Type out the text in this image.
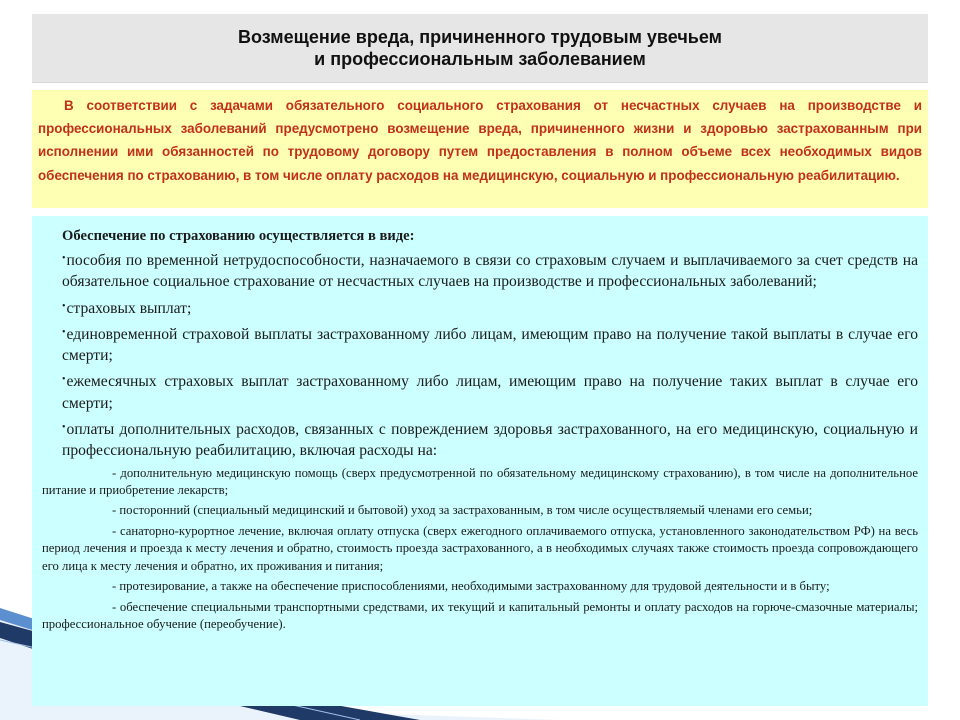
Возмещение вреда, причиненного трудовым увечьем
и профессиональным заболеванием
В соответствии с задачами обязательного социального страхования от несчастных случаев на производстве и профессиональных заболеваний предусмотрено возмещение вреда, причиненного жизни и здоровью застрахованным при исполнении ими обязанностей по трудовому договору путем предоставления в полном объеме всех необходимых видов обеспечения по страхованию, в том числе оплату расходов на медицинскую, социальную и профессиональную реабилитацию.
Обеспечение по страхованию осуществляется в виде:
•пособия по временной нетрудоспособности, назначаемого в связи со страховым случаем и выплачиваемого за счет средств на обязательное социальное страхование от несчастных случаев на производстве и профессиональных заболеваний;
•страховых выплат;
•единовременной страховой выплаты застрахованному либо лицам, имеющим право на получение такой выплаты в случае его смерти;
•ежемесячных страховых выплат застрахованному либо лицам, имеющим право на получение таких выплат в случае его смерти;
•оплаты дополнительных расходов, связанных с повреждением здоровья застрахованного, на его медицинскую, социальную и профессиональную реабилитацию, включая расходы на:
- дополнительную медицинскую помощь (сверх предусмотренной по обязательному медицинскому страхованию), в том числе на дополнительное питание и приобретение лекарств;
- посторонний (специальный медицинский и бытовой) уход за застрахованным, в том числе осуществляемый членами его семьи;
- санаторно-курортное лечение, включая оплату отпуска (сверх ежегодного оплачиваемого отпуска, установленного законодательством РФ) на весь период лечения и проезда к месту лечения и обратно, стоимость проезда застрахованного, а в необходимых случаях также стоимость проезда сопровождающего его лица к месту лечения и обратно, их проживания и питания;
- протезирование, а также на обеспечение приспособлениями, необходимыми застрахованному для трудовой деятельности и в быту;
- обеспечение специальными транспортными средствами, их текущий и капитальный ремонты и оплату расходов на горюче-смазочные материалы; профессиональное обучение (переобучение).
